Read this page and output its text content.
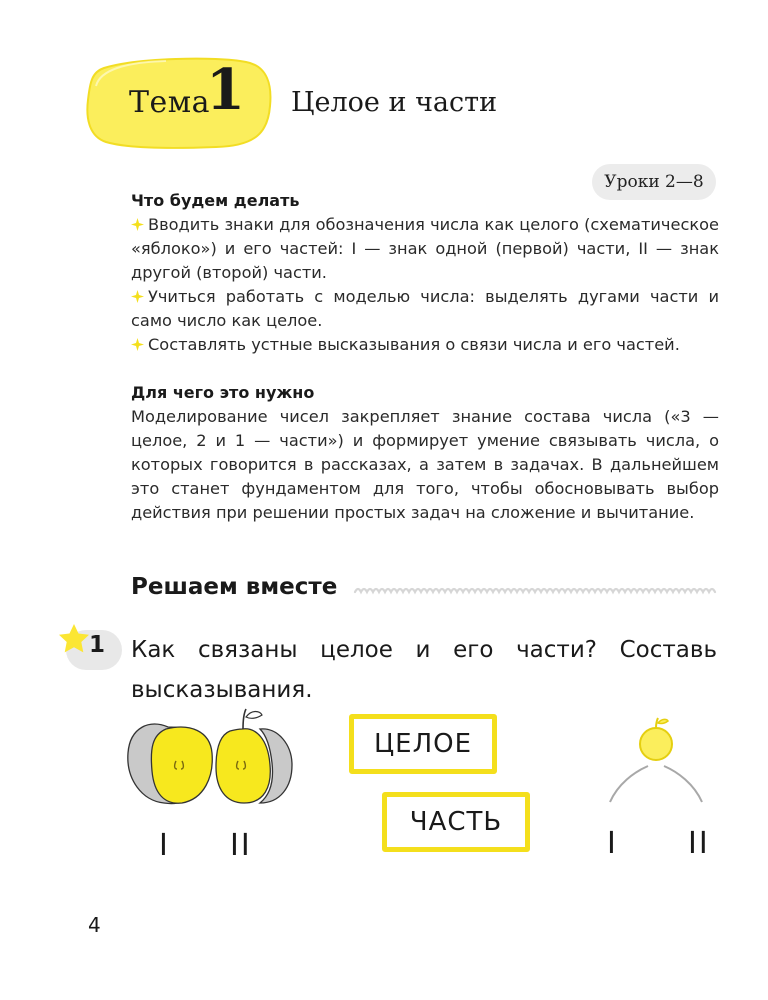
Тема
1 Целое и части
Уроки 2—8
Что будем делать
Вводить знаки для обозначения числа как целого (схематическое «яблоко») и его частей: I — знак одной (первой) части, II — знак другой (второй) части.
Учиться работать с моделью числа: выделять дугами части и само число как целое.
Составлять устные высказывания о связи числа и его частей.
Для чего это нужно
Моделирование чисел закрепляет знание состава числа («3 — целое, 2 и 1 — части») и формирует умение связывать числа, о которых говорится в рассказах, а затем в задачах. В дальнейшем это станет фундаментом для того, чтобы обосновывать выбор действия при решении простых задач на сложение и вычитание.
Решаем вместе
1 Как связаны целое и его части? Составь высказывания.
I II
ЦЕЛОЕ
ЧАСТЬ
I II
4
